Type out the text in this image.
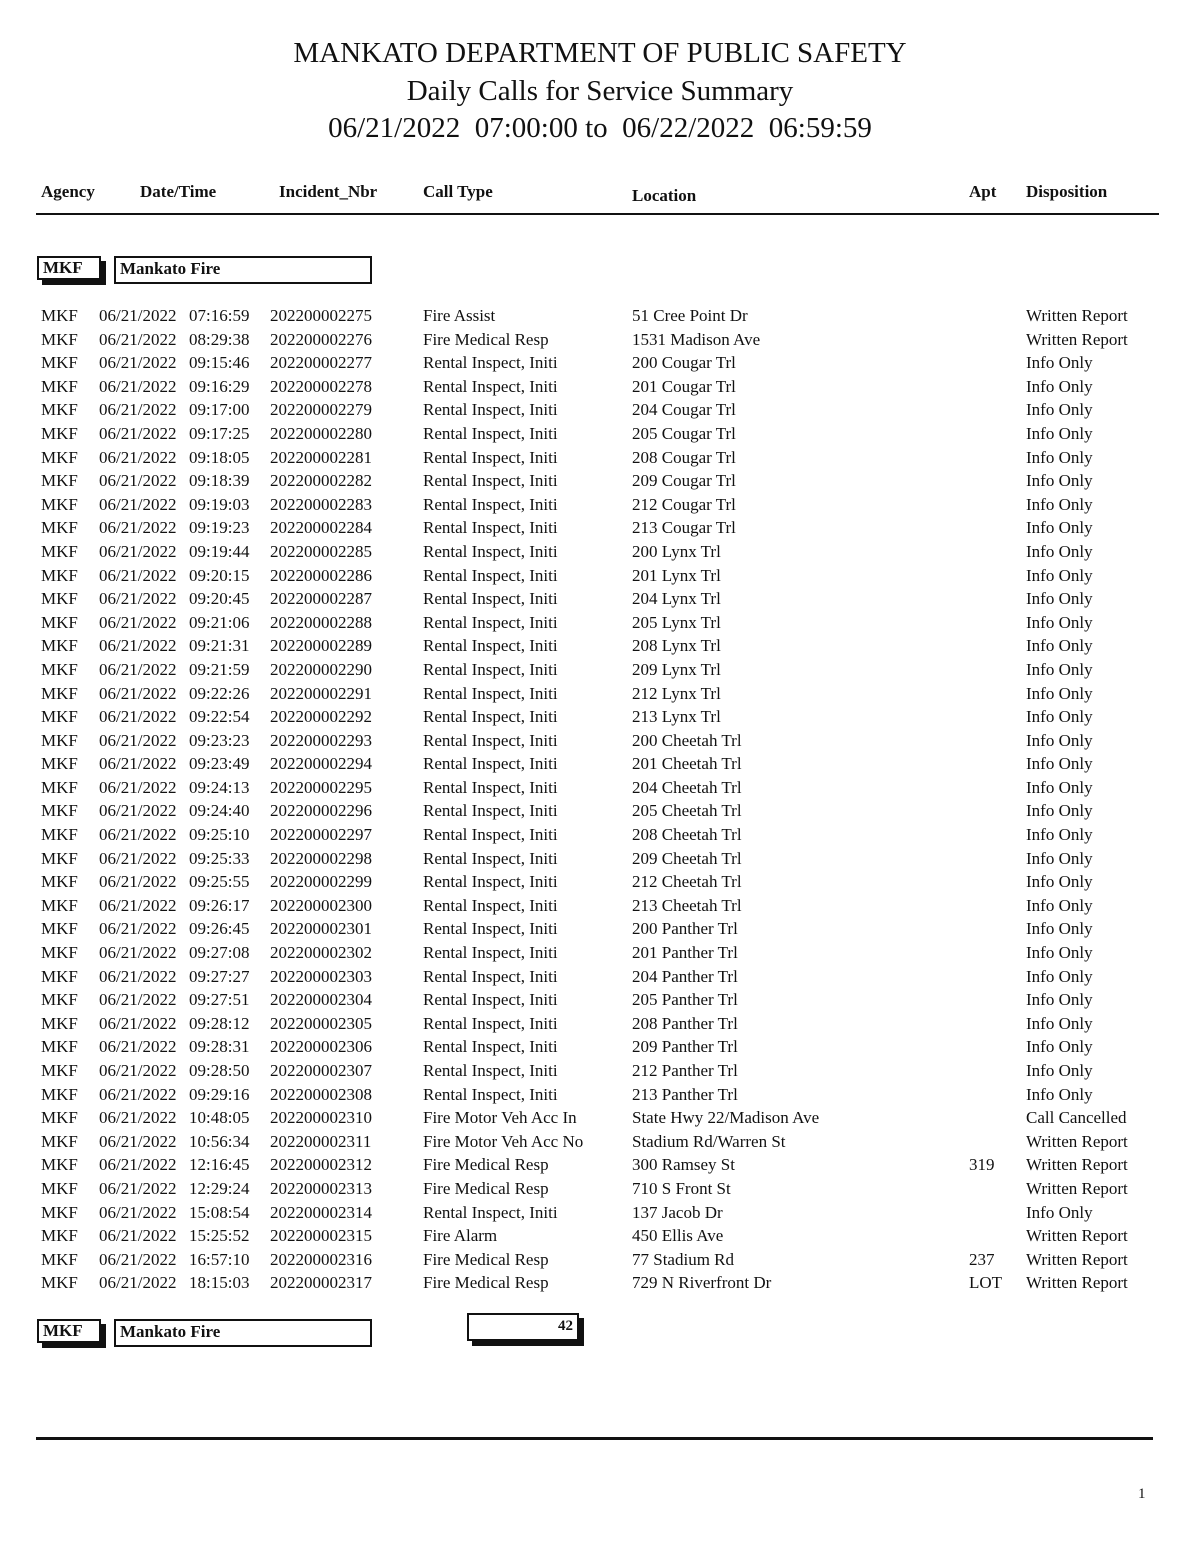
MANKATO DEPARTMENT OF PUBLIC SAFETY
Daily Calls for Service Summary
06/21/2022  07:00:00 to  06/22/2022  06:59:59
Agency	Date/Time	Incident_Nbr	Call Type	Location	Apt Disposition
MKF	Mankato Fire
MKF 06/21/2022 07:16:59 202200002275	Fire Assist	51 Cree Point Dr	Written Report
MKF 06/21/2022 08:29:38 202200002276	Fire Medical Resp	1531 Madison Ave	Written Report
MKF 06/21/2022 09:15:46 202200002277	Rental Inspect, Initi	200 Cougar Trl	Info Only
MKF 06/21/2022 09:16:29 202200002278	Rental Inspect, Initi	201 Cougar Trl	Info Only
MKF 06/21/2022 09:17:00 202200002279	Rental Inspect, Initi	204 Cougar Trl	Info Only
MKF 06/21/2022 09:17:25 202200002280	Rental Inspect, Initi	205 Cougar Trl	Info Only
MKF 06/21/2022 09:18:05 202200002281	Rental Inspect, Initi	208 Cougar Trl	Info Only
MKF 06/21/2022 09:18:39 202200002282	Rental Inspect, Initi	209 Cougar Trl	Info Only
MKF 06/21/2022 09:19:03 202200002283	Rental Inspect, Initi	212 Cougar Trl	Info Only
MKF 06/21/2022 09:19:23 202200002284	Rental Inspect, Initi	213 Cougar Trl	Info Only
MKF 06/21/2022 09:19:44 202200002285	Rental Inspect, Initi	200 Lynx Trl	Info Only
MKF 06/21/2022 09:20:15 202200002286	Rental Inspect, Initi	201 Lynx Trl	Info Only
MKF 06/21/2022 09:20:45 202200002287	Rental Inspect, Initi	204 Lynx Trl	Info Only
MKF 06/21/2022 09:21:06 202200002288	Rental Inspect, Initi	205 Lynx Trl	Info Only
MKF 06/21/2022 09:21:31 202200002289	Rental Inspect, Initi	208 Lynx Trl	Info Only
MKF 06/21/2022 09:21:59 202200002290	Rental Inspect, Initi	209 Lynx Trl	Info Only
MKF 06/21/2022 09:22:26 202200002291	Rental Inspect, Initi	212 Lynx Trl	Info Only
MKF 06/21/2022 09:22:54 202200002292	Rental Inspect, Initi	213 Lynx Trl	Info Only
MKF 06/21/2022 09:23:23 202200002293	Rental Inspect, Initi	200 Cheetah Trl	Info Only
MKF 06/21/2022 09:23:49 202200002294	Rental Inspect, Initi	201 Cheetah Trl	Info Only
MKF 06/21/2022 09:24:13 202200002295	Rental Inspect, Initi	204 Cheetah Trl	Info Only
MKF 06/21/2022 09:24:40 202200002296	Rental Inspect, Initi	205 Cheetah Trl	Info Only
MKF 06/21/2022 09:25:10 202200002297	Rental Inspect, Initi	208 Cheetah Trl	Info Only
MKF 06/21/2022 09:25:33 202200002298	Rental Inspect, Initi	209 Cheetah Trl	Info Only
MKF 06/21/2022 09:25:55 202200002299	Rental Inspect, Initi	212 Cheetah Trl	Info Only
MKF 06/21/2022 09:26:17 202200002300	Rental Inspect, Initi	213 Cheetah Trl	Info Only
MKF 06/21/2022 09:26:45 202200002301	Rental Inspect, Initi	200 Panther Trl	Info Only
MKF 06/21/2022 09:27:08 202200002302	Rental Inspect, Initi	201 Panther Trl	Info Only
MKF 06/21/2022 09:27:27 202200002303	Rental Inspect, Initi	204 Panther Trl	Info Only
MKF 06/21/2022 09:27:51 202200002304	Rental Inspect, Initi	205 Panther Trl	Info Only
MKF 06/21/2022 09:28:12 202200002305	Rental Inspect, Initi	208 Panther Trl	Info Only
MKF 06/21/2022 09:28:31 202200002306	Rental Inspect, Initi	209 Panther Trl	Info Only
MKF 06/21/2022 09:28:50 202200002307	Rental Inspect, Initi	212 Panther Trl	Info Only
MKF 06/21/2022 09:29:16 202200002308	Rental Inspect, Initi	213 Panther Trl	Info Only
MKF 06/21/2022 10:48:05 202200002310	Fire Motor Veh Acc In	State Hwy 22/Madison Ave	Call Cancelled
MKF 06/21/2022 10:56:34 202200002311	Fire Motor Veh Acc No	Stadium Rd/Warren St	Written Report
MKF 06/21/2022 12:16:45 202200002312	Fire Medical Resp	300 Ramsey St	319 Written Report
MKF 06/21/2022 12:29:24 202200002313	Fire Medical Resp	710 S Front St	Written Report
MKF 06/21/2022 15:08:54 202200002314	Rental Inspect, Initi	137 Jacob Dr	Info Only
MKF 06/21/2022 15:25:52 202200002315	Fire Alarm	450 Ellis Ave	Written Report
MKF 06/21/2022 16:57:10 202200002316	Fire Medical Resp	77 Stadium Rd	237 Written Report
MKF 06/21/2022 18:15:03 202200002317	Fire Medical Resp	729 N Riverfront Dr	LOT Written Report
MKF	Mankato Fire	42
1
